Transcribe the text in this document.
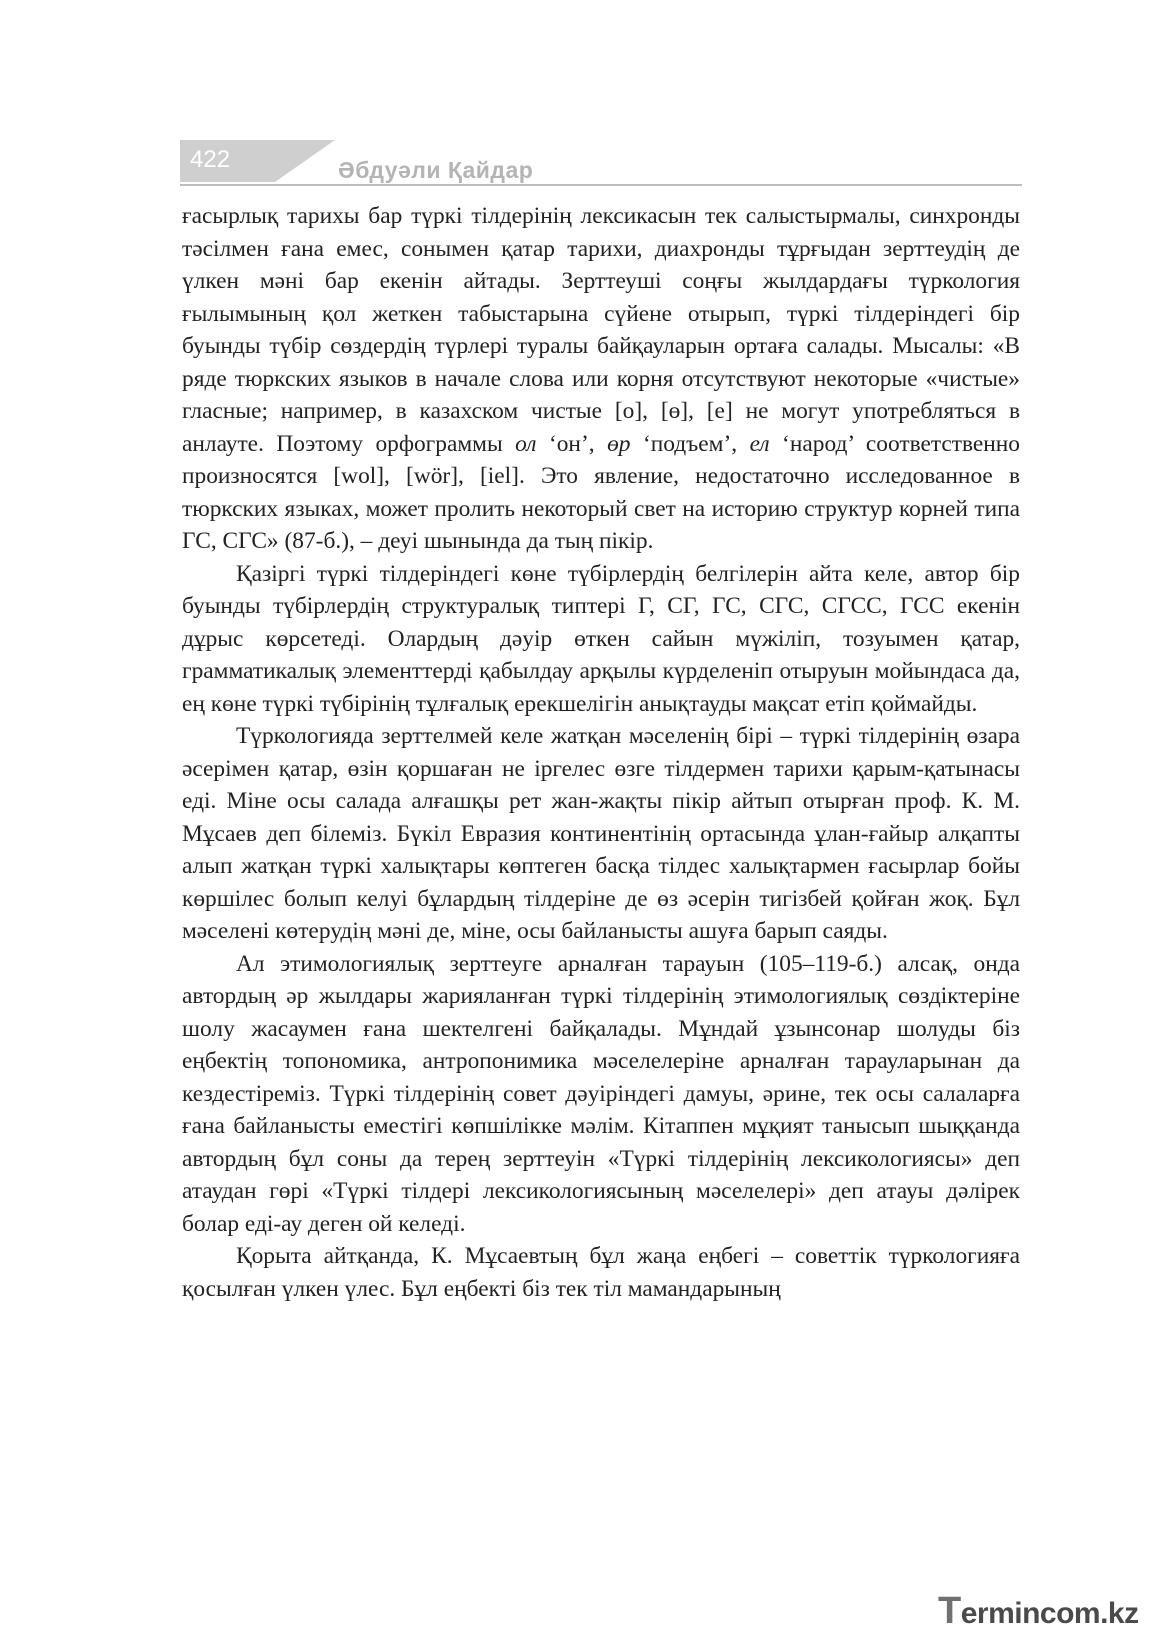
422	Әбдуәли Қайдар

ғасырлық тарихы бар түркі тілдерінің лексикасын тек салыстырмалы, синхронды тәсілмен ғана емес, сонымен қатар тарихи, диахронды тұрғыдан зерттеудің де үлкен мәні бар екенін айтады. Зерттеуші соңғы жылдардағы түркология ғылымының қол жеткен табыстарына сүйене отырып, түркі тілдеріндегі бір буынды түбір сөздердің түрлері туралы байқауларын ортаға салады. Мысалы: «В ряде тюркских языков в начале слова или корня отсутствуют некоторые «чистые» гласные; например, в казахском чистые [о], [ө], [е] не могут употребляться в анлауте. Поэтому орфограммы ол ‘он’, өр ‘подъем’, ел ‘народ’ соответственно произносятся [wol], [wör], [iel]. Это явление, недостаточно исследованное в тюркских языках, может пролить некоторый свет на историю структур корней типа ГС, СГС» (87-б.), – деуі шынында да тың пікір.

Қазіргі түркі тілдеріндегі көне түбірлердің белгілерін айта келе, автор бір буынды түбірлердің структуралық типтері Г, СГ, ГС, СГС, СГСС, ГСС екенін дұрыс көрсетеді. Олардың дәуір өткен сайын мүжіліп, тозуымен қатар, грамматикалық элементтерді қабылдау арқылы күрделеніп отыруын мойындаса да, ең көне түркі түбірінің тұлғалық ерекшелігін анықтауды мақсат етіп қоймайды.

Түркологияда зерттелмей келе жатқан мәселенің бірі – түркі тілдерінің өзара әсерімен қатар, өзін қоршаған не іргелес өзге тілдермен тарихи қарым-қатынасы еді. Міне осы салада алғашқы рет жан-жақты пікір айтып отырған проф. К. М. Мұсаев деп білеміз. Бүкіл Евразия континентінің ортасында ұлан-ғайыр алқапты алып жатқан түркі халықтары көптеген басқа тілдес халықтармен ғасырлар бойы көршілес болып келуі бұлардың тілдеріне де өз әсерін тигізбей қойған жоқ. Бұл мәселені көтерудің мәні де, міне, осы байланысты ашуға барып саяды.

Ал этимологиялық зерттеуге арналған тарауын (105–119-б.) алсақ, онда автордың әр жылдары жарияланған түркі тілдерінің этимологиялық сөздіктеріне шолу жасаумен ғана шектелгені байқалады. Мұндай ұзынсонар шолуды біз еңбектің топономика, антропонимика мәселелеріне арналған тарауларынан да кездестіреміз. Түркі тілдерінің совет дәуіріндегі дамуы, әрине, тек осы салаларға ғана байланысты еместігі көпшілікке мәлім. Кітаппен мұқият танысып шыққанда автордың бұл соны да терең зерттеуін «Түркі тілдерінің лексикологиясы» деп атаудан гөрі «Түркі тілдері лексикологиясының мәселелері» деп атауы дәлірек болар еді-ау деген ой келеді.

Қорыта айтқанда, К. Мұсаевтың бұл жаңа еңбегі – советтік түркологияға қосылған үлкен үлес. Бұл еңбекті біз тек тіл мамандарының

Termincom.kz
